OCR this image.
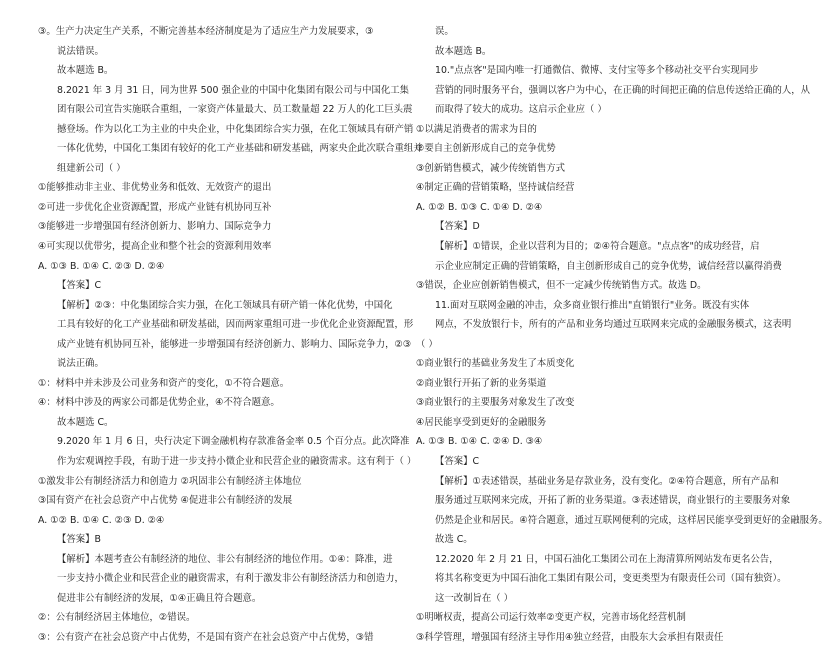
③。生产力决定生产关系，不断完善基本经济制度是为了适应生产力发展要求，③
说法错误。
故本题选 B。
8.2021 年 3 月 31 日，同为世界 500 强企业的中国中化集团有限公司与中国化工集
团有限公司宣告实施联合重组，一家资产体量最大、员工数量超 22 万人的化工巨头震
撼登场。作为以化工为主业的中央企业，中化集团综合实力强，在化工领域具有研产销
一体化优势，中国化工集团有较好的化工产业基础和研发基础，两家央企此次联合重组并
组建新公司（ ）
①能够推动非主业、非优势业务和低效、无效资产的退出
②可进一步优化企业资源配置，形成产业链有机协同互补
③能够进一步增强国有经济创新力、影响力、国际竞争力
④可实现以优带劣，提高企业和整个社会的资源利用效率
A. ①③ B. ①④ C. ②③ D. ②④
【答案】C
【解析】②③：中化集团综合实力强，在化工领域具有研产销一体化优势，中国化
工具有较好的化工产业基础和研发基础，因而两家重组可进一步优化企业资源配置，形
成产业链有机协同互补，能够进一步增强国有经济创新力、影响力、国际竞争力，②③
说法正确。
①：材料中并未涉及公司业务和资产的变化，①不符合题意。
④：材料中涉及的两家公司都是优势企业，④不符合题意。
故本题选 C。
9.2020 年 1 月 6 日，央行决定下调金融机构存款准备金率 0.5 个百分点。此次降准
作为宏观调控手段，有助于进一步支持小微企业和民营企业的融资需求。这有利于（ ）
①激发非公有制经济活力和创造力 ②巩固非公有制经济主体地位
③国有资产在社会总资产中占优势 ④促进非公有制经济的发展
A. ①② B. ①④ C. ②③ D. ②④
【答案】B
【解析】本题考查公有制经济的地位、非公有制经济的地位作用。①④：降准，进
一步支持小微企业和民营企业的融资需求，有利于激发非公有制经济活力和创造力，
促进非公有制经济的发展，①④正确且符合题意。
②：公有制经济居主体地位，②错误。
③：公有资产在社会总资产中占优势，不是国有资产在社会总资产中占优势，③错
误。
故本题选 B。
10."点点客"是国内唯一打通微信、微博、支付宝等多个移动社交平台实现同步
营销的同时服务平台，强调以客户为中心，在正确的时间把正确的信息传送给正确的人，从
而取得了较大的成功。这启示企业应（ ）
①以满足消费者的需求为目的
②要自主创新形成自己的竞争优势
③创新销售模式，减少传统销售方式
④制定正确的营销策略，坚持诚信经营
A. ①② B. ①③ C. ①④ D. ②④
【答案】D
【解析】①错误，企业以营利为目的；②④符合题意。"点点客"的成功经营，启
示企业应制定正确的营销策略，自主创新形成自己的竞争优势，诚信经营以赢得消费
③错误，企业应创新销售模式，但不一定减少传统销售方式。故选 D。
11.面对互联网金融的冲击，众多商业银行推出"直销银行"业务。既没有实体
网点，不发放银行卡，所有的产品和业务均通过互联网来完成的金融服务模式，这表明
（ ）
①商业银行的基础业务发生了本质变化
②商业银行开拓了新的业务渠道
③商业银行的主要服务对象发生了改变
④居民能享受到更好的金融服务
A. ①③ B. ①④ C. ②④ D. ③④
【答案】C
【解析】①表述错误，基础业务是存款业务，没有变化。②④符合题意，所有产品和
服务通过互联网来完成，开拓了新的业务渠道。③表述错误，商业银行的主要服务对象
仍然是企业和居民。④符合题意，通过互联网便利的完成，这样居民能享受到更好的金融服务。
故选 C。
12.2020 年 2 月 21 日，中国石油化工集团公司在上海清算所网站发布更名公告，
将其名称变更为中国石油化工集团有限公司，变更类型为有限责任公司（国有独资）。
这一改制旨在（ ）
①明晰权责，提高公司运行效率②变更产权，完善市场化经营机制
③科学管理，增强国有经济主导作用④独立经营，由股东大会承担有限责任
